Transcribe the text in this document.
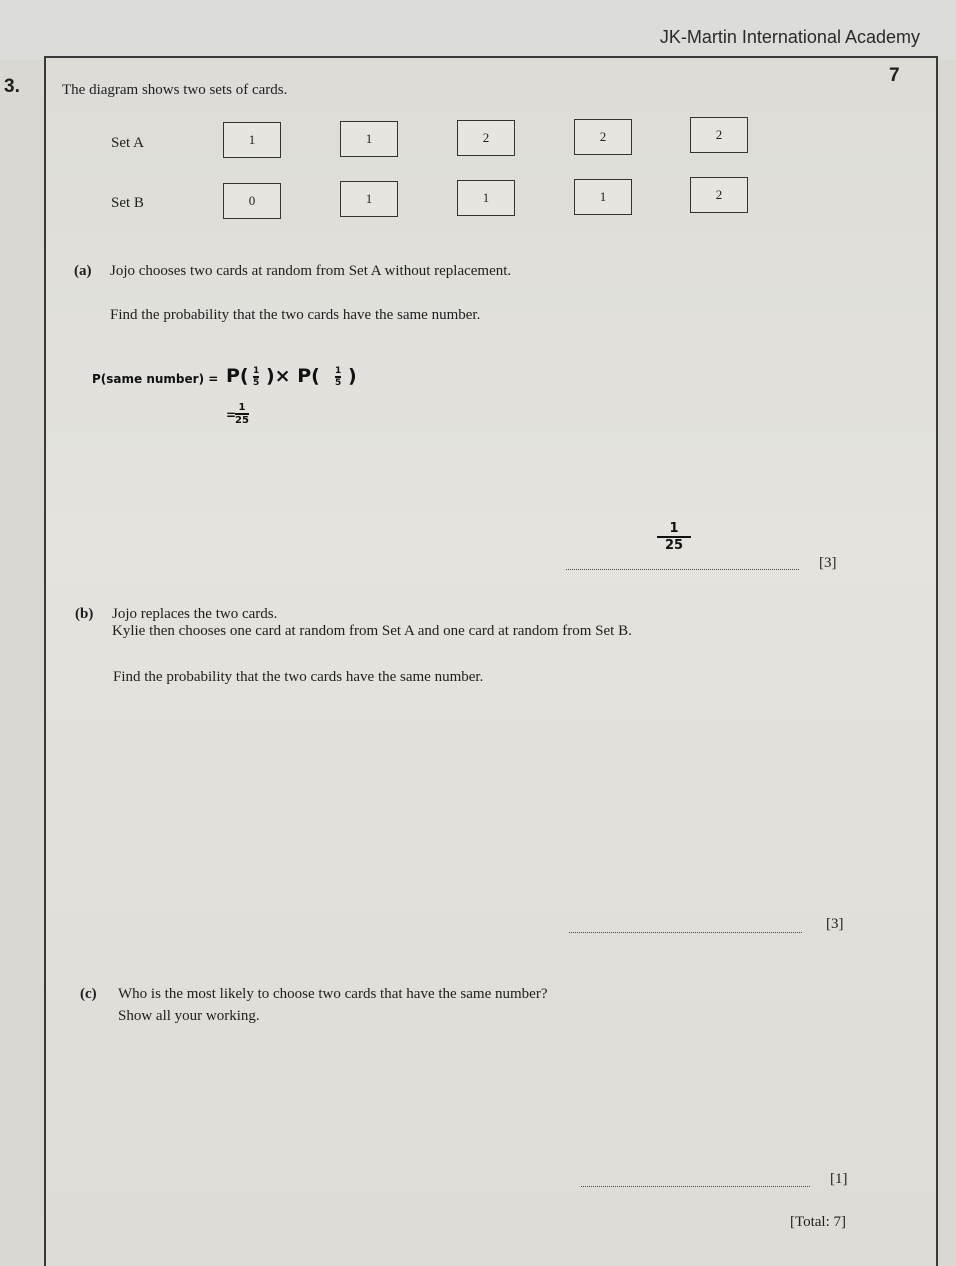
JK-Martin International Academy
7
3.	The diagram shows two sets of cards.
Set A	1	1	2	2	2
Set B	0	1	1	1	2
(a) Jojo chooses two cards at random from Set A without replacement.
Find the probability that the two cards have the same number.
P(same number) = P( 1
5 )× P( 1
5 )
=
1
25
1
25
[3]
(b) Jojo replaces the two cards.
Kylie then chooses one card at random from Set A and one card at random from Set B.
Find the probability that the two cards have the same number.
[3]
(c) Who is the most likely to choose two cards that have the same number?
Show all your working.
[1]
[Total: 7]
